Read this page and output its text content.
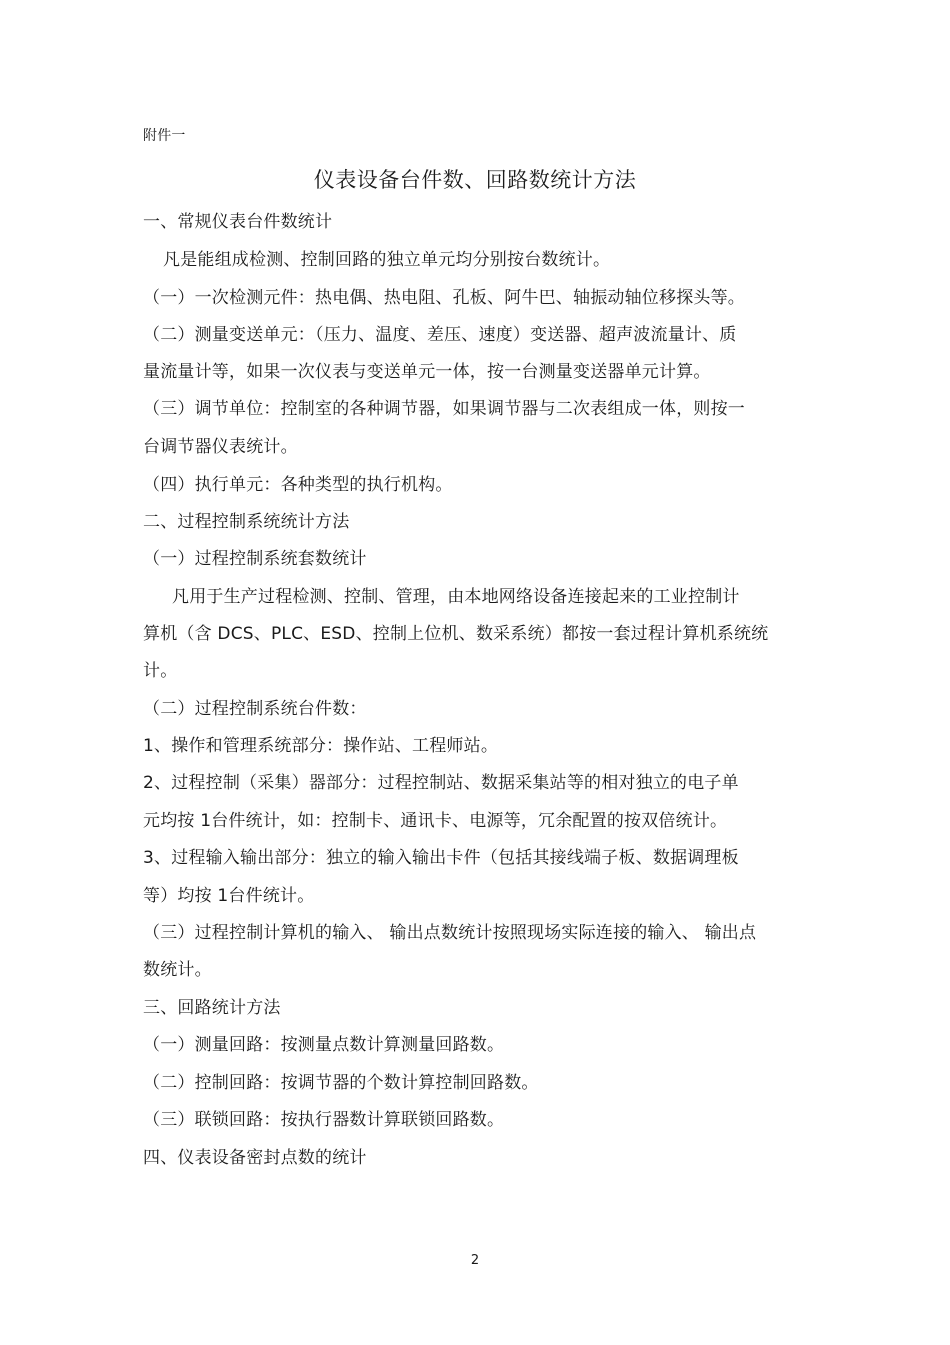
附件一
仪表设备台件数、回路数统计方法
一、常规仪表台件数统计
凡是能组成检测、控制回路的独立单元均分别按台数统计。
（一）一次检测元件：热电偶、热电阻、孔板、阿牛巴、轴振动轴位移探头等。
（二）测量变送单元：（压力、温度、差压、速度）变送器、超声波流量计、质
量流量计等，如果一次仪表与变送单元一体，按一台测量变送器单元计算。
（三）调节单位：控制室的各种调节器，如果调节器与二次表组成一体，则按一
台调节器仪表统计。
（四）执行单元：各种类型的执行机构。
二、过程控制系统统计方法
（一）过程控制系统套数统计
凡用于生产过程检测、控制、管理，由本地网络设备连接起来的工业控制计
算机（含 DCS、PLC、ESD、控制上位机、数采系统）都按一套过程计算机系统统
计。
（二）过程控制系统台件数：
1、操作和管理系统部分：操作站、工程师站。
2、过程控制（采集）器部分：过程控制站、数据采集站等的相对独立的电子单
元均按 1台件统计，如：控制卡、通讯卡、电源等，冗余配置的按双倍统计。
3、过程输入输出部分：独立的输入输出卡件（包括其接线端子板、数据调理板
等）均按 1台件统计。
（三）过程控制计算机的输入、 输出点数统计按照现场实际连接的输入、 输出点
数统计。
三、回路统计方法
（一）测量回路：按测量点数计算测量回路数。
（二）控制回路：按调节器的个数计算控制回路数。
（三）联锁回路：按执行器数计算联锁回路数。
四、仪表设备密封点数的统计
2
